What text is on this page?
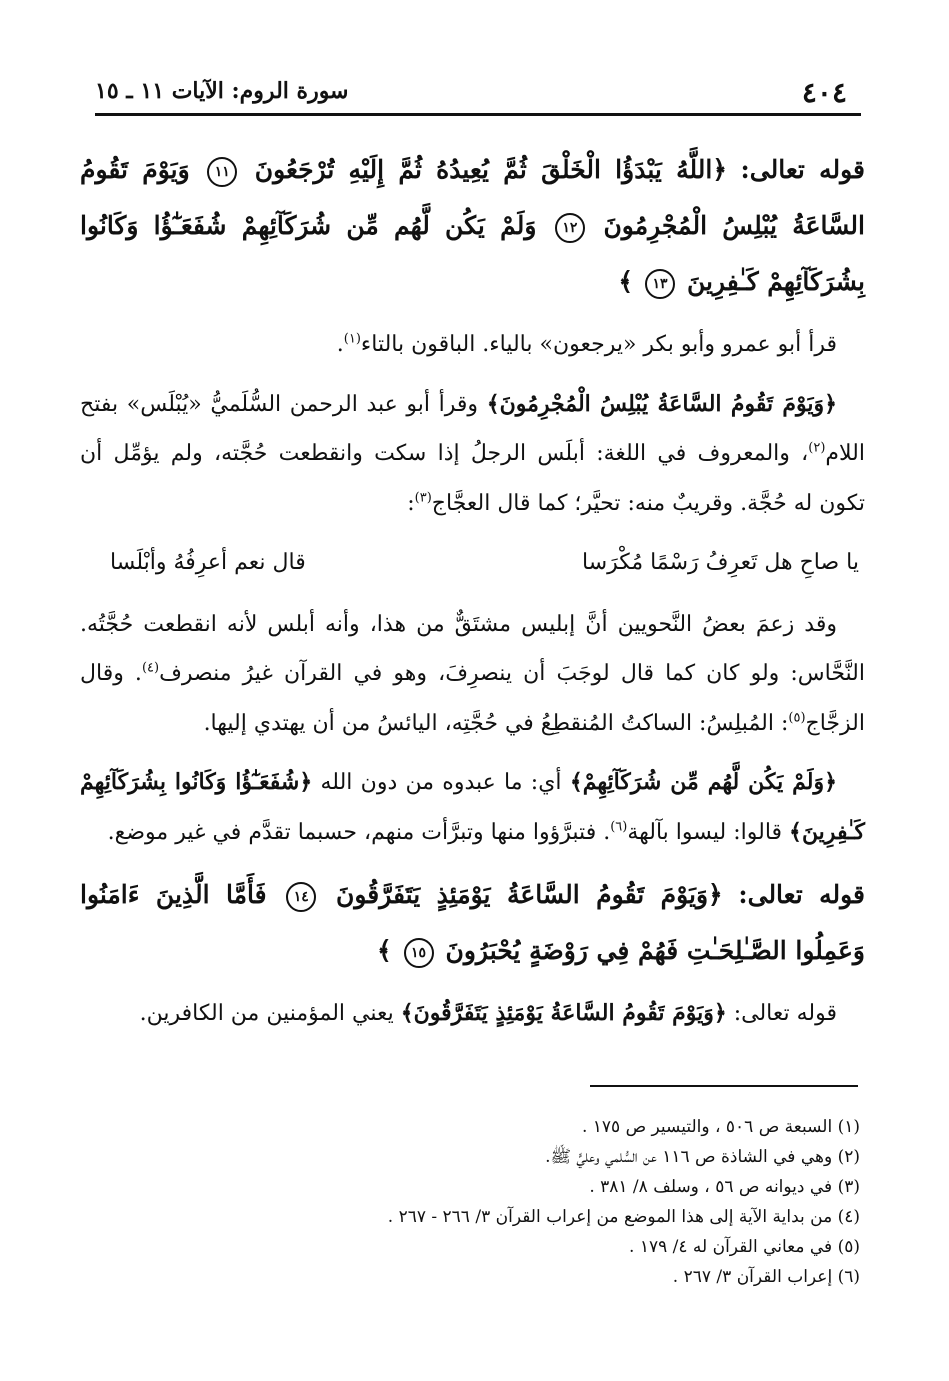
٤٠٤
سورة الروم: الآيات ١١ ـ ١٥

قوله تعالى: ﴿اللَّهُ يَبْدَؤُا الْخَلْقَ ثُمَّ يُعِيدُهُ ثُمَّ إِلَيْهِ تُرْجَعُونَ ١١ وَيَوْمَ تَقُومُ السَّاعَةُ يُبْلِسُ الْمُجْرِمُونَ ١٢ وَلَمْ يَكُن لَّهُم مِّن شُرَكَآئِهِمْ شُفَعَـٰٓؤُا وَكَانُوا بِشُرَكَآئِهِمْ كَـٰفِرِينَ ١٣ ﴾

قرأ أبو عمرو وأبو بكر «يرجعون» بالياء. الباقون بالتاء$^{(١)}$.

﴿وَيَوْمَ تَقُومُ السَّاعَةُ يُبْلِسُ الْمُجْرِمُونَ﴾ وقرأ أبو عبد الرحمن السُّلَميُّ «يُبْلَس» بفتح اللام$^{(٢)}$، والمعروف في اللغة: أبلَس الرجلُ إذا سكت وانقطعت حُجَّته، ولم يؤمِّل أن تكون له حُجَّة. وقريبٌ منه: تحيَّر؛ كما قال العجَّاج$^{(٣)}$:

يا صاحِ هل تَعرِفُ رَسْمًا مُكْرَسا
قال نعم أعرِفُهُ وأبْلَسا

وقد زعمَ بعضُ النَّحويين أنَّ إبليس مشتَقٌّ من هذا، وأنه أبلس لأنه انقطعت حُجَّتُه. النَّحَّاس: ولو كان كما قال لوجَبَ أن ينصرِفَ، وهو في القرآن غيرُ منصرف$^{(٤)}$. وقال الزجَّاج$^{(٥)}$: المُبلِسُ: الساكتُ المُنقطِعُ في حُجَّتِه، اليائسُ من أن يهتدي إليها.

﴿وَلَمْ يَكُن لَّهُم مِّن شُرَكَآئِهِمْ﴾ أي: ما عبدوه من دون الله ﴿شُفَعَـٰٓؤُا وَكَانُوا بِشُرَكَآئِهِمْ كَـٰفِرِينَ﴾ قالوا: ليسوا بآلهة$^{(٦)}$. فتبرَّؤوا منها وتبرَّأت منهم، حسبما تقدَّم في غير موضع.

قوله تعالى: ﴿وَيَوْمَ تَقُومُ السَّاعَةُ يَوْمَئِذٍ يَتَفَرَّقُونَ ١٤ فَأَمَّا الَّذِينَ ءَامَنُوا وَعَمِلُوا الصَّـٰلِحَـٰتِ فَهُمْ فِي رَوْضَةٍ يُحْبَرُونَ ١٥ ﴾

قوله تعالى: ﴿وَيَوْمَ تَقُومُ السَّاعَةُ يَوْمَئِذٍ يَتَفَرَّقُونَ﴾ يعني المؤمنين من الكافرين.

(١) السبعة ص ٥٠٦ ، والتيسير ص ١٧٥ .
(٢) وهي في الشاذة ص ١١٦ عن السُّلمي وعليٍّ ﷺ.
(٣) في ديوانه ص ٥٦ ، وسلف ٨/ ٣٨١ .
(٤) من بداية الآية إلى هذا الموضع من إعراب القرآن ٣/ ٢٦٦ - ٢٦٧ .
(٥) في معاني القرآن له ٤/ ١٧٩ .
(٦) إعراب القرآن ٣/ ٢٦٧ .
